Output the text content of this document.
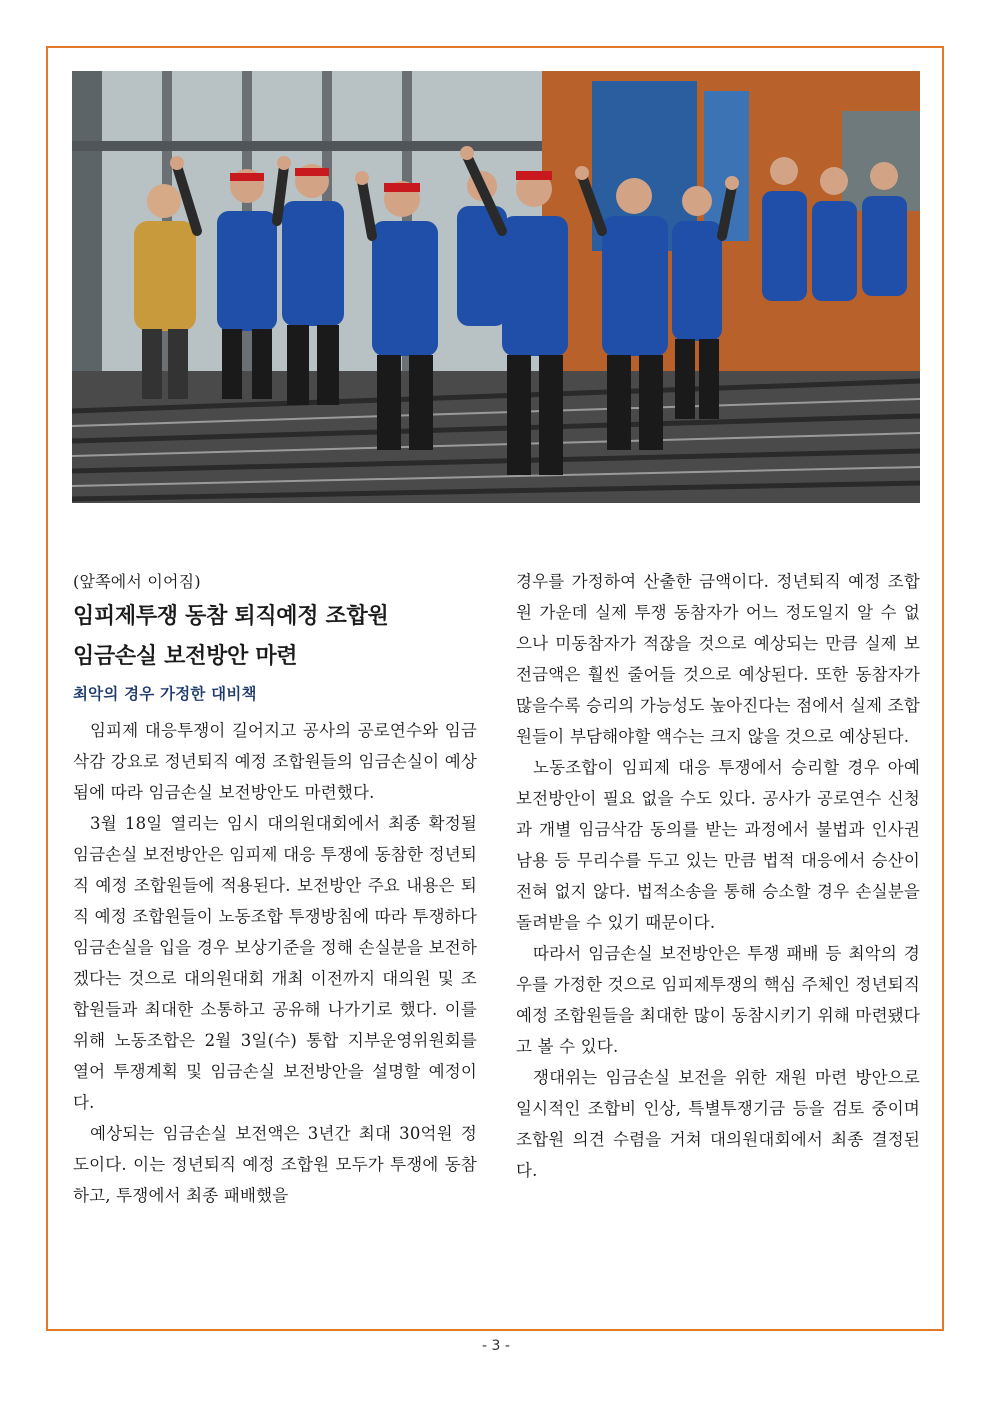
(앞쪽에서 이어짐)

임피제투쟁 동참 퇴직예정 조합원
임금손실 보전방안 마련

최악의 경우 가정한 대비책

임피제 대응투쟁이 길어지고 공사의 공로연수와 임금삭감 강요로 정년퇴직 예정 조합원들의 임금손실이 예상됨에 따라 임금손실 보전방안도 마련했다.

3월 18일 열리는 임시 대의원대회에서 최종 확정될 임금손실 보전방안은 임피제 대응 투쟁에 동참한 정년퇴직 예정 조합원들에 적용된다. 보전방안 주요 내용은 퇴직 예정 조합원들이 노동조합 투쟁방침에 따라 투쟁하다 임금손실을 입을 경우 보상기준을 정해 손실분을 보전하겠다는 것으로 대의원대회 개최 이전까지 대의원 및 조합원들과 최대한 소통하고 공유해 나가기로 했다. 이를 위해 노동조합은 2월 3일(수) 통합 지부운영위원회를 열어 투쟁계획 및 임금손실 보전방안을 설명할 예정이다.

예상되는 임금손실 보전액은 3년간 최대 30억원 정도이다. 이는 정년퇴직 예정 조합원 모두가 투쟁에 동참하고, 투쟁에서 최종 패배했을

경우를 가정하여 산출한 금액이다. 정년퇴직 예정 조합원 가운데 실제 투쟁 동참자가 어느 정도일지 알 수 없으나 미동참자가 적잖을 것으로 예상되는 만큼 실제 보전금액은 훨씬 줄어들 것으로 예상된다. 또한 동참자가 많을수록 승리의 가능성도 높아진다는 점에서 실제 조합원들이 부담해야할 액수는 크지 않을 것으로 예상된다.

노동조합이 임피제 대응 투쟁에서 승리할 경우 아예 보전방안이 필요 없을 수도 있다. 공사가 공로연수 신청과 개별 임금삭감 동의를 받는 과정에서 불법과 인사권 남용 등 무리수를 두고 있는 만큼 법적 대응에서 승산이 전혀 없지 않다. 법적소송을 통해 승소할 경우 손실분을 돌려받을 수 있기 때문이다.

따라서 임금손실 보전방안은 투쟁 패배 등 최악의 경우를 가정한 것으로 임피제투쟁의 핵심 주체인 정년퇴직예정 조합원들을 최대한 많이 동참시키기 위해 마련됐다고 볼 수 있다.

쟁대위는 임금손실 보전을 위한 재원 마련 방안으로 일시적인 조합비 인상, 특별투쟁기금 등을 검토 중이며 조합원 의견 수렴을 거쳐 대의원대회에서 최종 결정된다.

- 3 -
